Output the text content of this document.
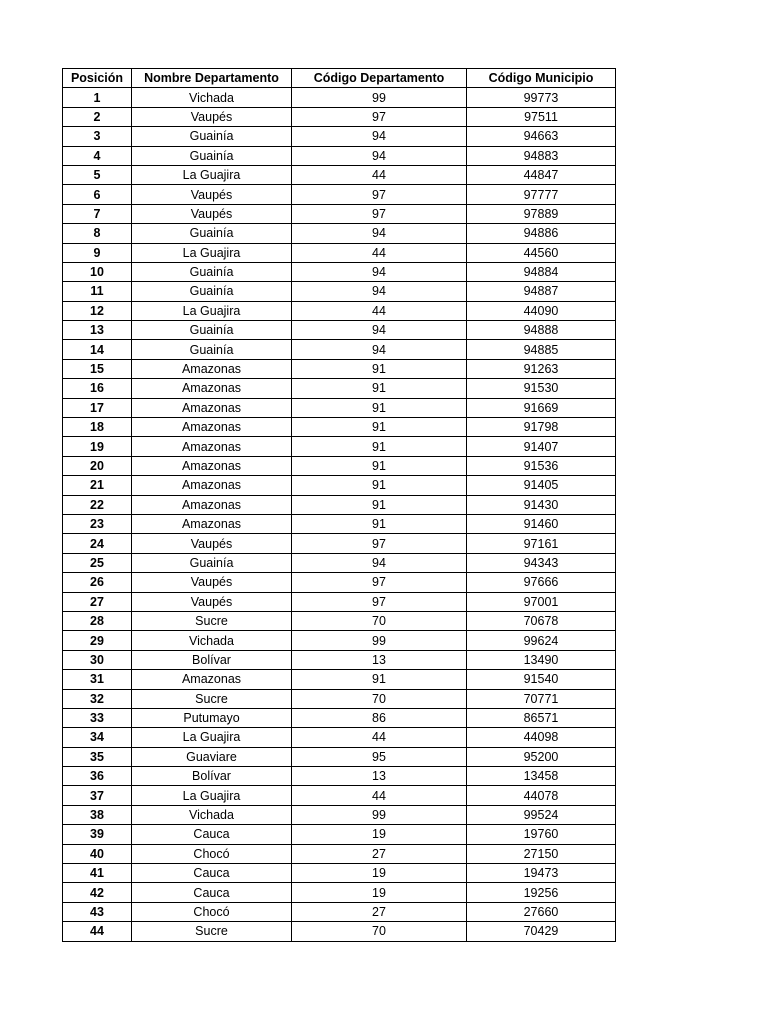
Posición	Nombre Departamento	Código Departamento	Código Municipio
1	Vichada	99	99773
2	Vaupés	97	97511
3	Guainía	94	94663
4	Guainía	94	94883
5	La Guajira	44	44847
6	Vaupés	97	97777
7	Vaupés	97	97889
8	Guainía	94	94886
9	La Guajira	44	44560
10	Guainía	94	94884
11	Guainía	94	94887
12	La Guajira	44	44090
13	Guainía	94	94888
14	Guainía	94	94885
15	Amazonas	91	91263
16	Amazonas	91	91530
17	Amazonas	91	91669
18	Amazonas	91	91798
19	Amazonas	91	91407
20	Amazonas	91	91536
21	Amazonas	91	91405
22	Amazonas	91	91430
23	Amazonas	91	91460
24	Vaupés	97	97161
25	Guainía	94	94343
26	Vaupés	97	97666
27	Vaupés	97	97001
28	Sucre	70	70678
29	Vichada	99	99624
30	Bolívar	13	13490
31	Amazonas	91	91540
32	Sucre	70	70771
33	Putumayo	86	86571
34	La Guajira	44	44098
35	Guaviare	95	95200
36	Bolívar	13	13458
37	La Guajira	44	44078
38	Vichada	99	99524
39	Cauca	19	19760
40	Chocó	27	27150
41	Cauca	19	19473
42	Cauca	19	19256
43	Chocó	27	27660
44	Sucre	70	70429
